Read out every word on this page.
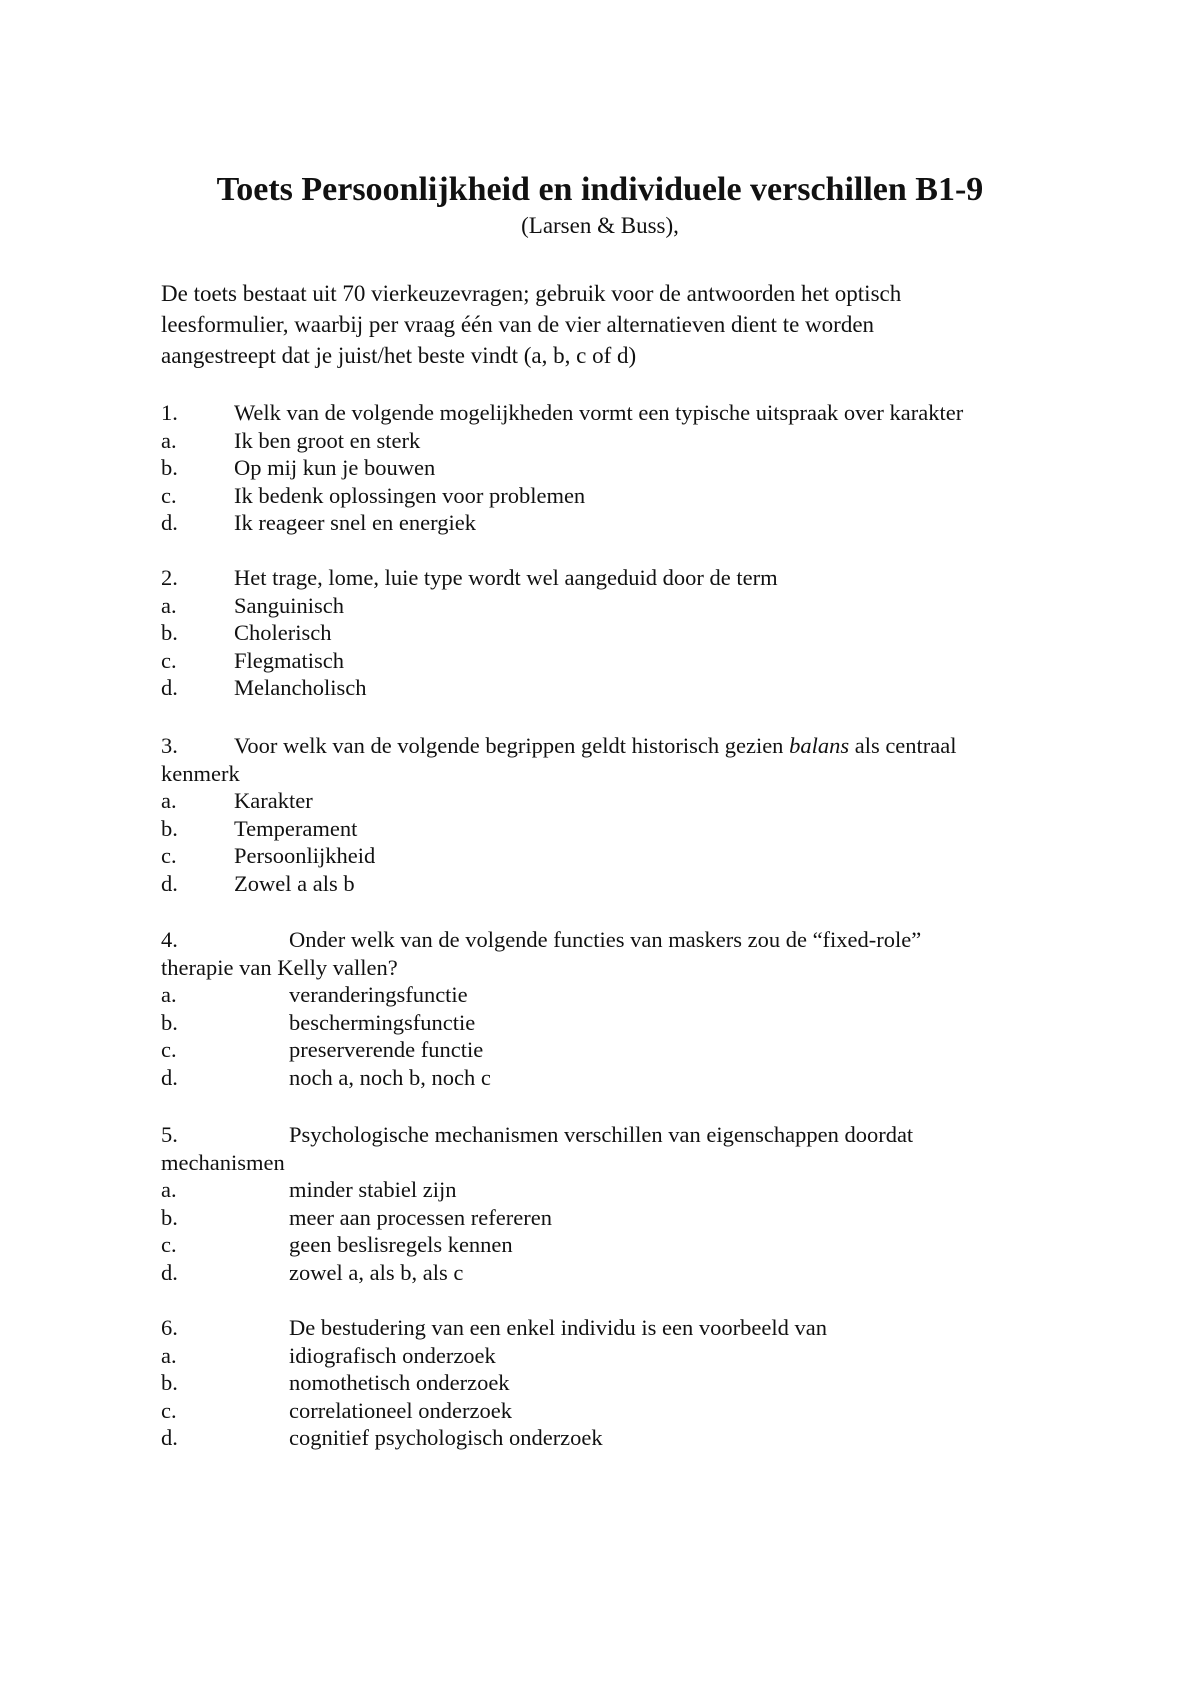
Toets Persoonlijkheid en individuele verschillen B1-9
(Larsen & Buss),

De toets bestaat uit 70 vierkeuzevragen; gebruik voor de antwoorden het optisch

leesformulier, waarbij per vraag één van de vier alternatieven dient te worden

aangestreept dat je juist/het beste vindt (a, b, c of d)

1. Welk van de volgende mogelijkheden vormt een typische uitspraak over karakter
a.	Ik ben groot en sterk
b. Op mij kun je bouwen
c.	Ik bedenk oplossingen voor problemen
d. Ik reageer snel en energiek
2. Het trage, lome, luie type wordt wel aangeduid door de term
a.	Sanguinisch
b. Cholerisch
c.	Flegmatisch
d. Melancholisch
3. Voor welk van de volgende begrippen geldt historisch gezien balans als centraal
kenmerk
a.	Karakter
b. Temperament
c.	Persoonlijkheid
d. Zowel a als b
4.	Onder welk van de volgende functies van maskers zou de “fixed-role”
therapie van Kelly vallen?
a.	veranderingsfunctie
b.	beschermingsfunctie
c.	preserverende functie
d.	noch a, noch b, noch c
5.	Psychologische mechanismen verschillen van eigenschappen doordat
mechanismen
a.	minder stabiel zijn
b.	meer aan processen refereren
c.	geen beslisregels kennen
d.	zowel a, als b, als c
6.	De bestudering van een enkel individu is een voorbeeld van
a.	idiografisch onderzoek
b.	nomothetisch onderzoek
c.	correlationeel onderzoek
d.	cognitief psychologisch onderzoek
